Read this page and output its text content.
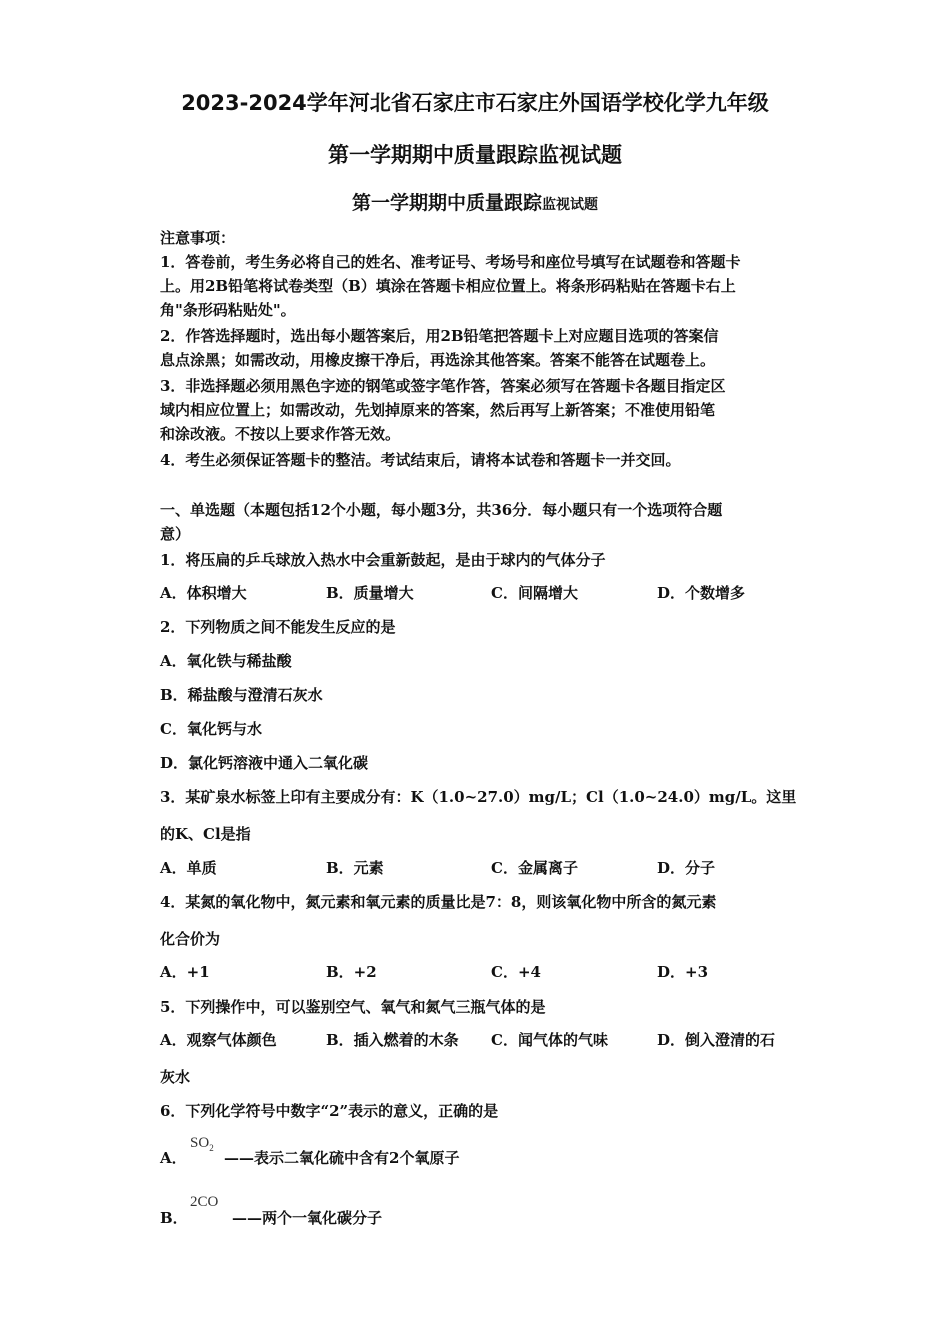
2023-2024学年河北省石家庄市石家庄外国语学校化学九年级
第一学期期中质量跟踪监视试题
第一学期期中质量跟踪监视试题
注意事项：
1．答卷前，考生务必将自己的姓名、准考证号、考场号和座位号填写在试题卷和答题卡
上。用2B铅笔将试卷类型（B）填涂在答题卡相应位置上。将条形码粘贴在答题卡右上
角"条形码粘贴处"。
2．作答选择题时，选出每小题答案后，用2B铅笔把答题卡上对应题目选项的答案信
息点涂黑；如需改动，用橡皮擦干净后，再选涂其他答案。答案不能答在试题卷上。
3．非选择题必须用黑色字迹的钢笔或签字笔作答，答案必须写在答题卡各题目指定区
域内相应位置上；如需改动，先划掉原来的答案，然后再写上新答案；不准使用铅笔
和涂改液。不按以上要求作答无效。
4．考生必须保证答题卡的整洁。考试结束后，请将本试卷和答题卡一并交回。
一、单选题（本题包括12个小题，每小题3分，共36分．每小题只有一个选项符合题
意）
1．将压扁的乒乓球放入热水中会重新鼓起，是由于球内的气体分子
A．体积增大	B．质量增大	C．间隔增大	D．个数增多
2．下列物质之间不能发生反应的是
A．氧化铁与稀盐酸
B．稀盐酸与澄清石灰水
C．氧化钙与水
D．氯化钙溶液中通入二氧化碳
3．某矿泉水标签上印有主要成分有：K（1.0~27.0）mg/L；Cl（1.0~24.0）mg/L。这里
的K、Cl是指
A．单质	B．元素	C．金属离子	D．分子
4．某氮的氧化物中，氮元素和氧元素的质量比是7：8，则该氧化物中所含的氮元素
化合价为
A．+1	B．+2	C．+4	D．+3
5．下列操作中，可以鉴别空气、氧气和氮气三瓶气体的是
A．观察气体颜色	B．插入燃着的木条 C．闻气体的气味	D．倒入澄清的石
灰水
6．下列化学符号中数字“2”表示的意义，正确的是
A．
$SO_2$
——表示二氧化硫中含有2个氧原子
B．
2CO
——两个一氧化碳分子
